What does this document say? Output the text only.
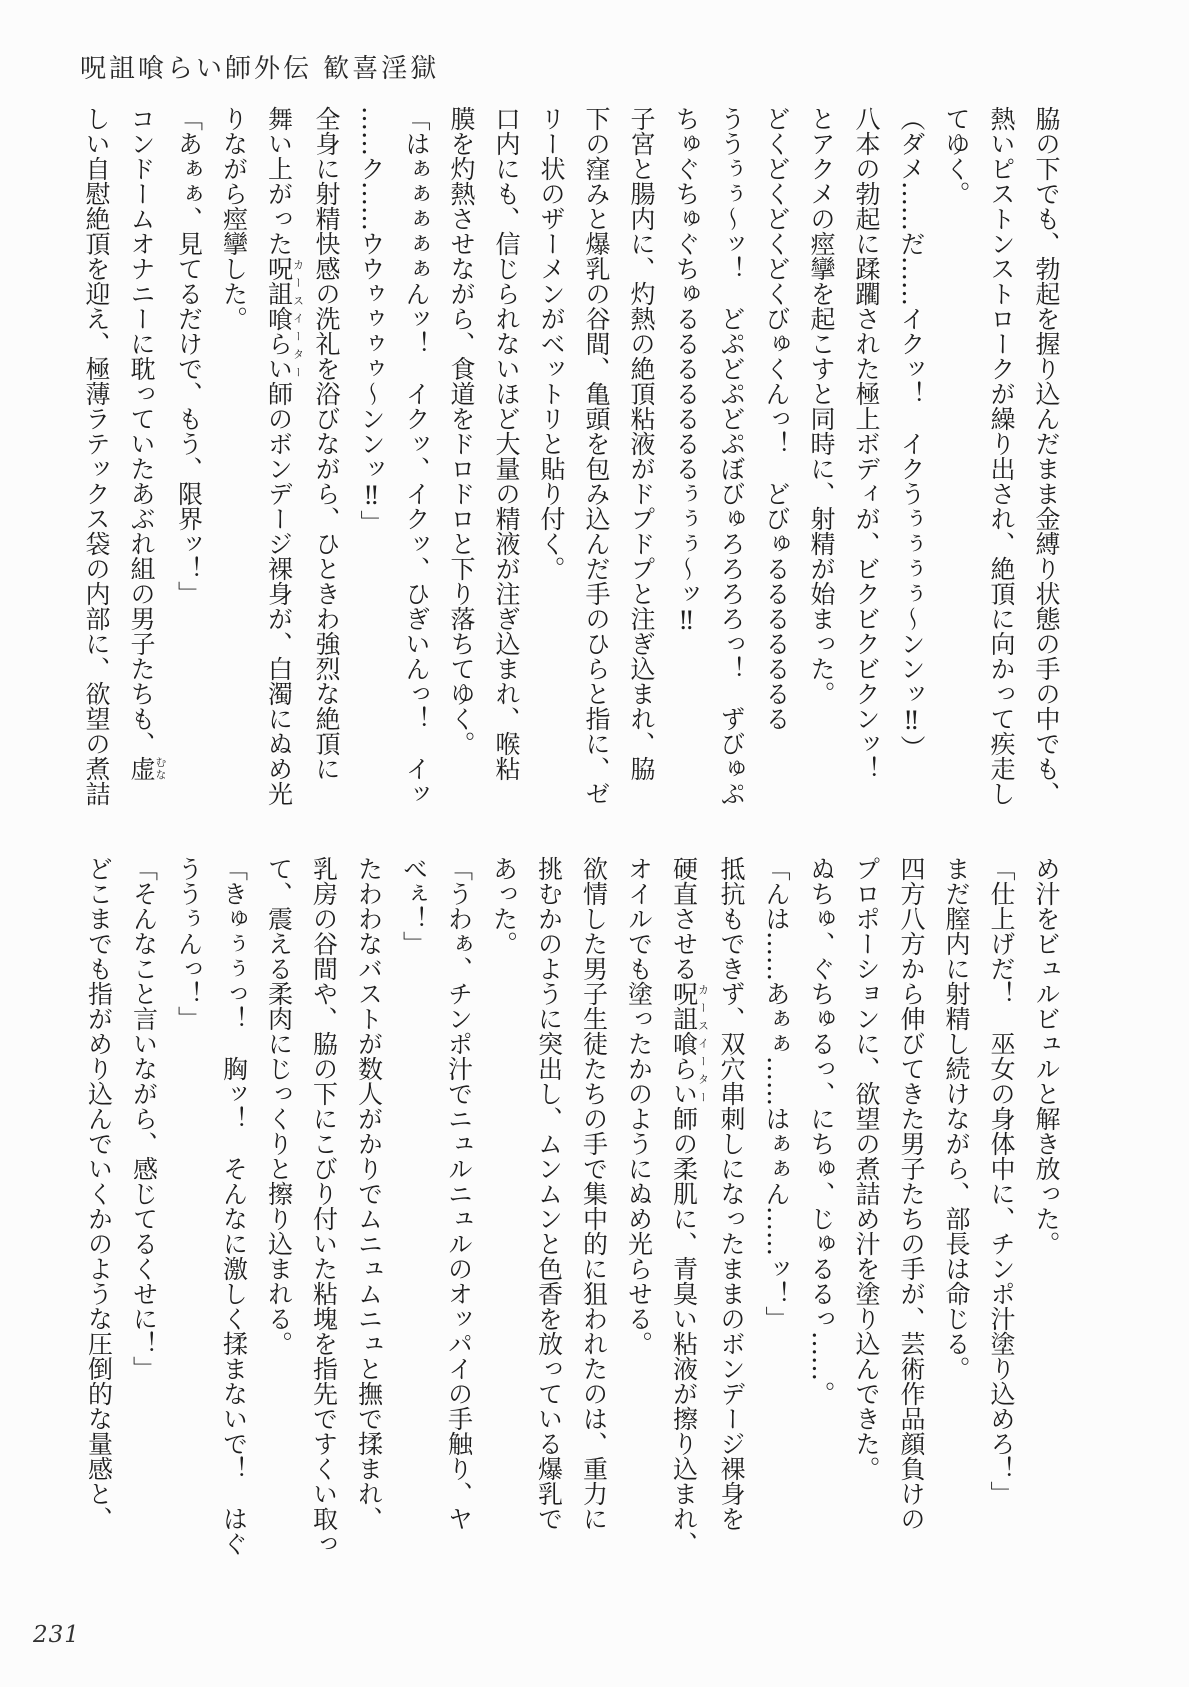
呪詛喰らい師外伝 歓喜淫獄

脇の下でも、勃起を握り込んだまま金縛り状態の手の中でも、

熱いピストンストロークが繰り出され、絶頂に向かって疾走し

てゆく。

（ダメ……だ……イクッ！　イクうぅぅぅぅ〜ンンッ‼）

八本の勃起に蹂躙された極上ボディが、ビクビクビクンッ！

とアクメの痙攣を起こすと同時に、射精が始まった。

どくどくどくどくびゅくんっ！　どびゅるるるるるるる

ううぅぅ〜ッ！　どぷどぷどぷぼびゅろろろろっ！　ずびゅぷ

ちゅぐちゅぐちゅるるるるるるるぅぅぅ〜ッ‼

子宮と腸内に、灼熱の絶頂粘液がドプドプと注ぎ込まれ、脇

下の窪みと爆乳の谷間、亀頭を包み込んだ手のひらと指に、ゼ

リー状のザーメンがベットリと貼り付く。

口内にも、信じられないほど大量の精液が注ぎ込まれ、喉粘

膜を灼熱させながら、食道をドロドロと下り落ちてゆく。

「はぁぁぁぁぁんッ！　イクッ、イクッ、ひぎいんっ！　イッ

……ク……ウウゥゥゥゥ〜ンンッ‼」

全身に射精快感の洗礼を浴びながら、ひときわ強烈な絶頂に

舞い上がった呪詛喰らいカースイーター師のボンデージ裸身が、白濁にぬめ光

りながら痙攣した。

「あぁぁ、見てるだけで、もう、限界ッ！」

コンドームオナニーに耽っていたあぶれ組の男子たちも、虚むな

しい自慰絶頂を迎え、極薄ラテックス袋の内部に、欲望の煮詰

め汁をビュルビュルと解き放った。

「仕上げだ！　巫女の身体中に、チンポ汁塗り込めろ！」

まだ膣内に射精し続けながら、部長は命じる。

四方八方から伸びてきた男子たちの手が、芸術作品顔負けの

プロポーションに、欲望の煮詰め汁を塗り込んできた。

ぬちゅ、ぐちゅるっ、にちゅ、じゅるるっ……。

「んは……あぁぁ……はぁぁん……ッ！」

抵抗もできず、双穴串刺しになったままのボンデージ裸身を

硬直させる呪詛喰らいカースイーター師の柔肌に、青臭い粘液が擦り込まれ、

オイルでも塗ったかのようにぬめ光らせる。

欲情した男子生徒たちの手で集中的に狙われたのは、重力に

挑むかのように突出し、ムンムンと色香を放っている爆乳で

あった。

「うわぁ、チンポ汁でニュルニュルのオッパイの手触り、ヤ

べぇ！」

たわわなバストが数人がかりでムニュムニュと撫で揉まれ、

乳房の谷間や、脇の下にこびり付いた粘塊を指先ですくい取っ

て、震える柔肉にじっくりと擦り込まれる。

「きゅぅぅっ！　胸ッ！　そんなに激しく揉まないで！　はぐ

ううぅんっ！」

「そんなこと言いながら、感じてるくせに！」

どこまでも指がめり込んでいくかのような圧倒的な量感と、

231
